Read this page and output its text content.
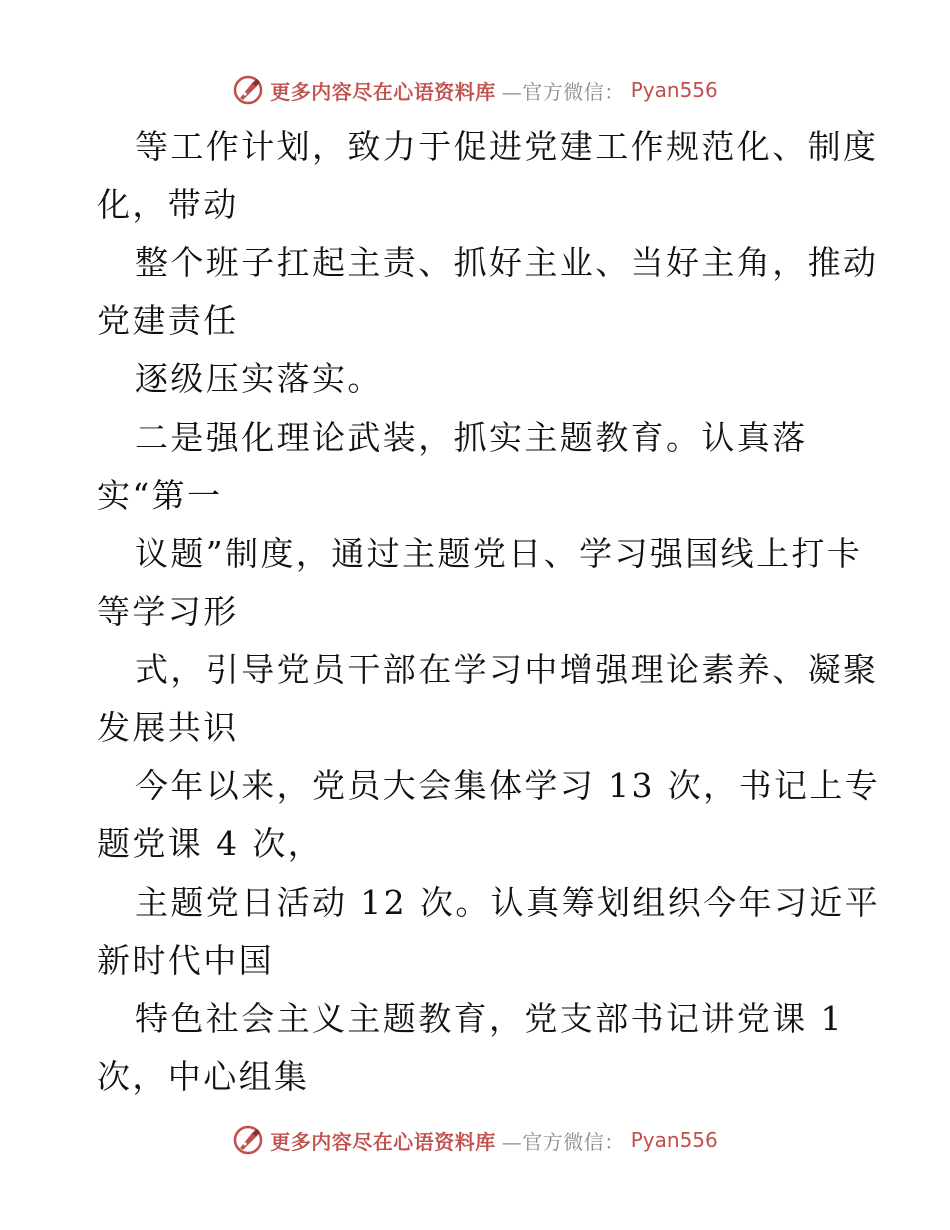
更多内容尽在心语资料库 —官方微信： Pyan556
等工作计划，致力于促进党建工作规范化、制度
化，带动
整个班子扛起主责、抓好主业、当好主角，推动
党建责任
逐级压实落实。
二是强化理论武装，抓实主题教育。认真落
实“第一
议题”制度，通过主题党日、学习强国线上打卡
等学习形
式，引导党员干部在学习中增强理论素养、凝聚
发展共识
今年以来，党员大会集体学习 13 次，书记上专
题党课 4 次，
主题党日活动 12 次。认真筹划组织今年习近平
新时代中国
特色社会主义主题教育，党支部书记讲党课 1
次，中心组集
更多内容尽在心语资料库 —官方微信： Pyan556
